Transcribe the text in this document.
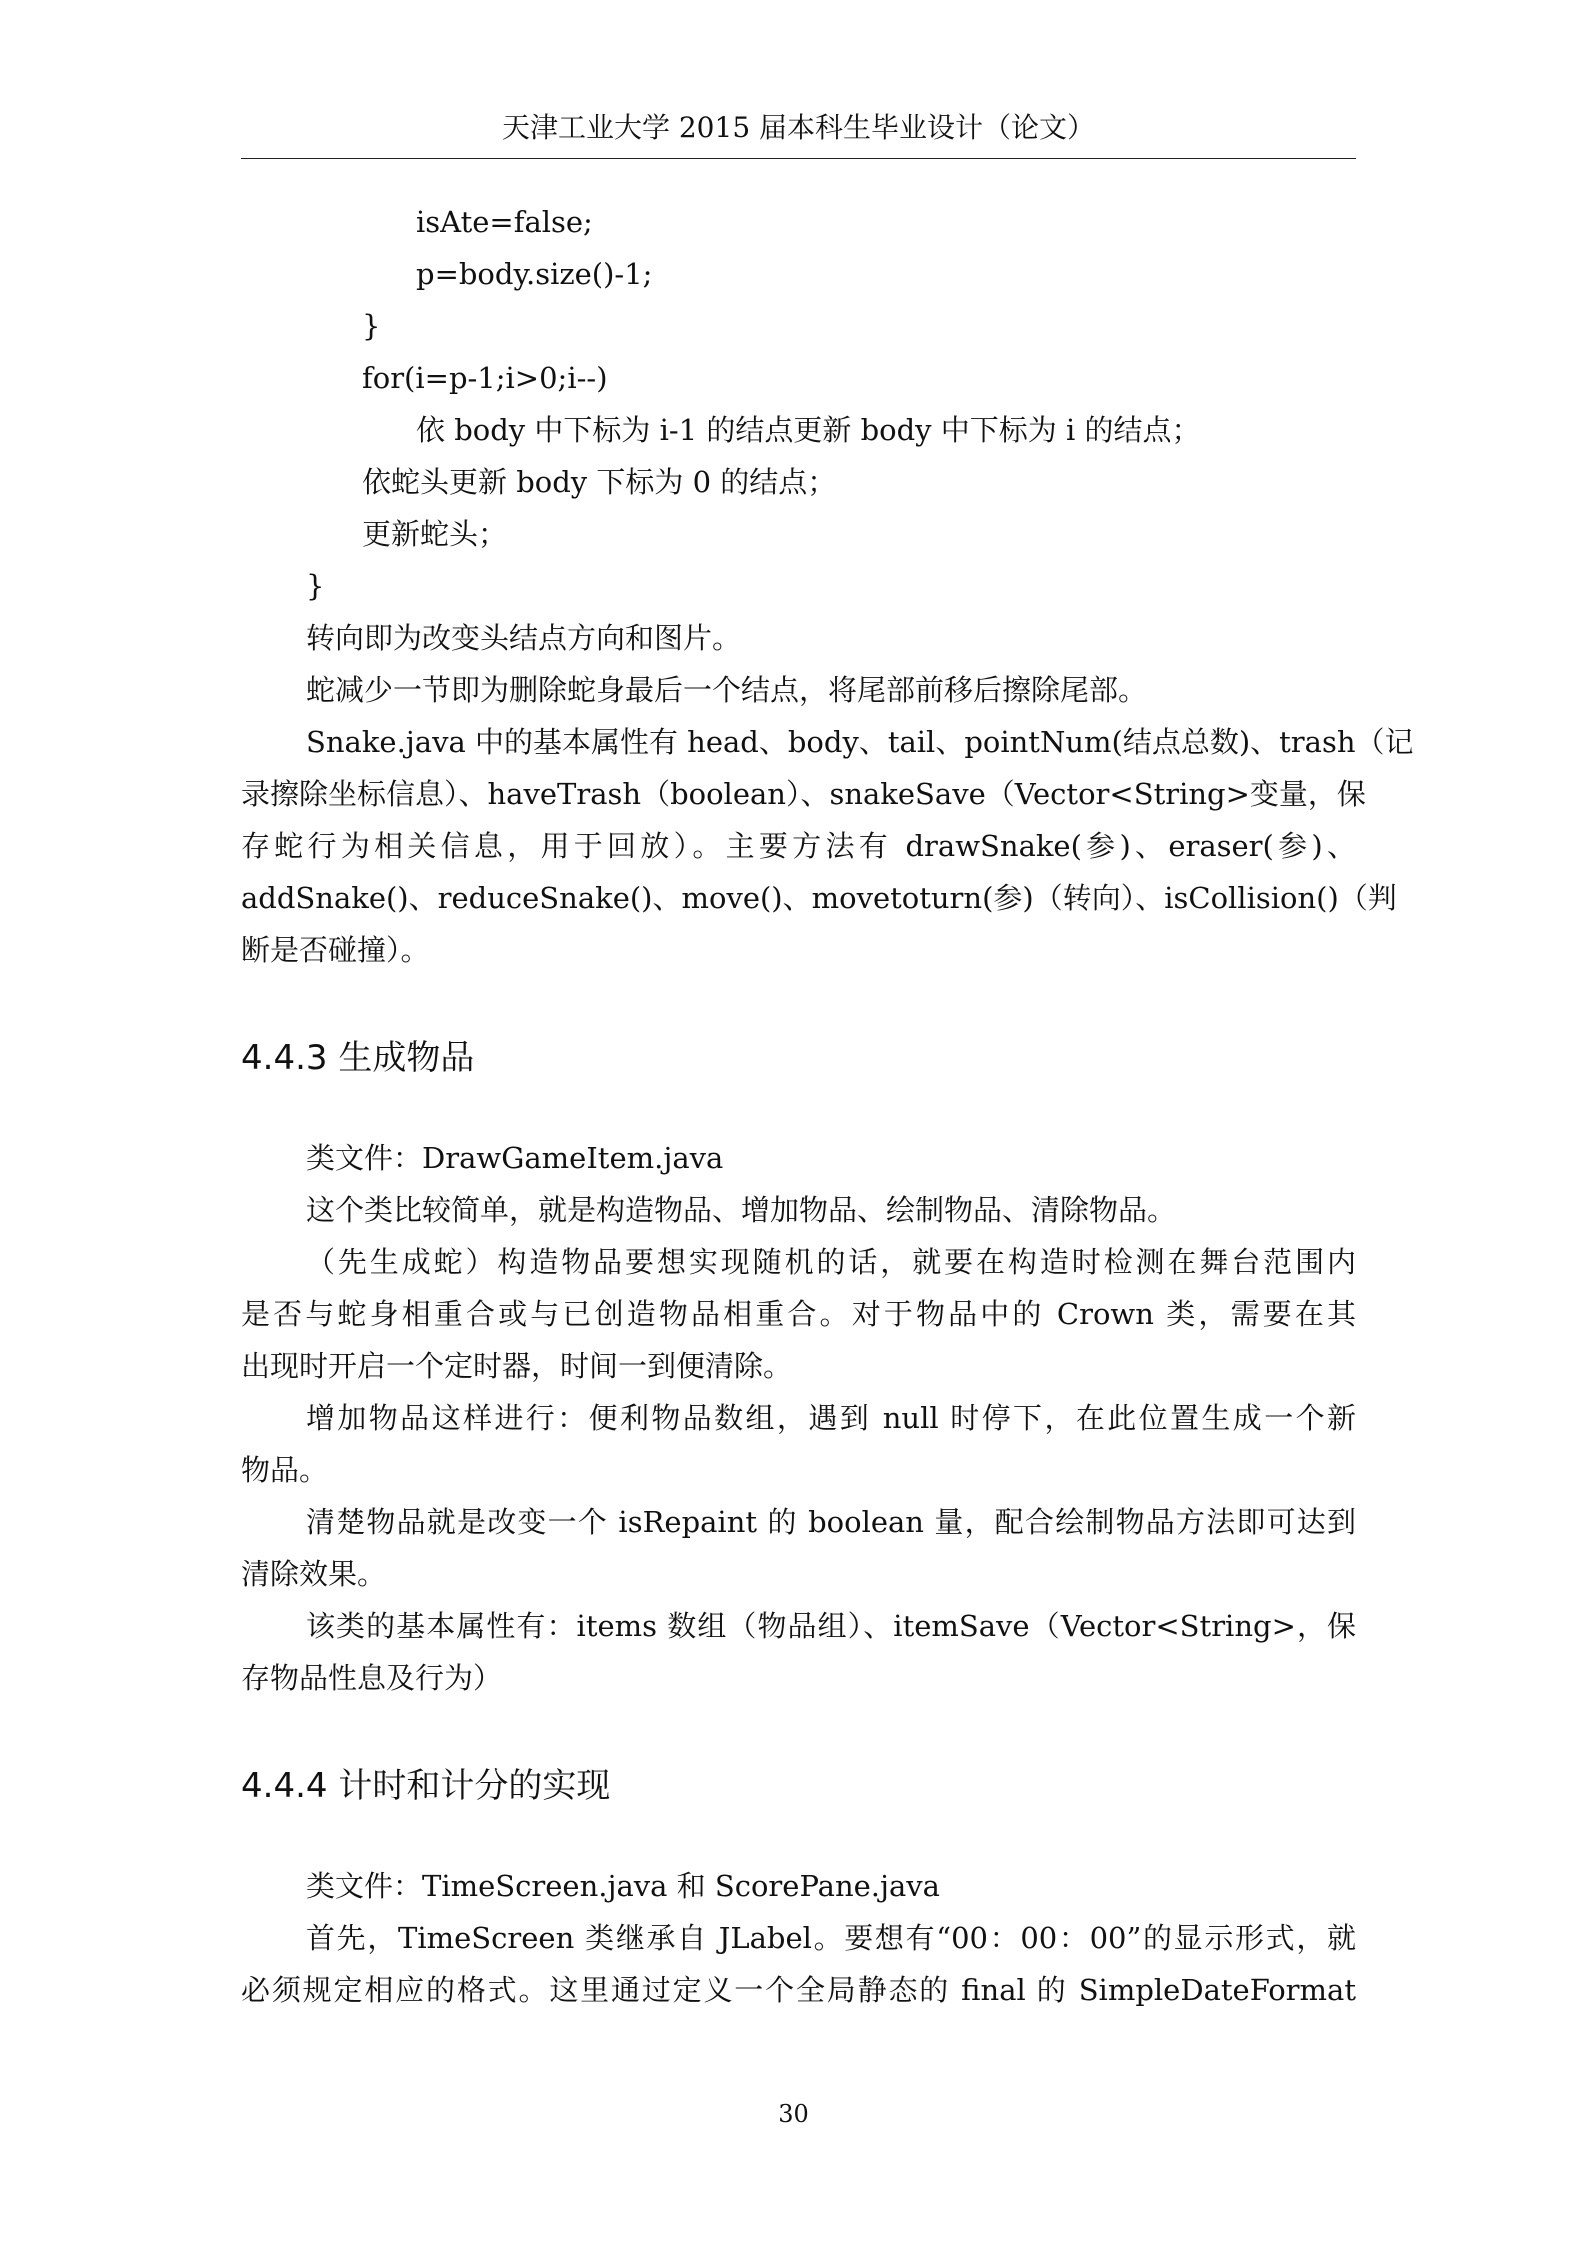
天津工业大学 2015 届本科生毕业设计（论文）
isAte=false;
p=body.size()-1;
}
for(i=p-1;i>0;i--)
依 body 中下标为 i-1 的结点更新 body 中下标为 i 的结点；
依蛇头更新 body 下标为 0 的结点；
更新蛇头；
}
转向即为改变头结点方向和图片。
蛇减少一节即为删除蛇身最后一个结点，将尾部前移后擦除尾部。
Snake.java 中的基本属性有 head、body、tail、pointNum(结点总数)、trash（记
录擦除坐标信息）、haveTrash（boolean）、snakeSave（Vector<String>变量，保
存蛇行为相关信息，用于回放）。主要方法有 drawSnake(参)、eraser(参)、
addSnake()、reduceSnake()、move()、movetoturn(参)（转向）、isCollision()（判
断是否碰撞）。
4.4.3 生成物品
类文件：DrawGameItem.java
这个类比较简单，就是构造物品、增加物品、绘制物品、清除物品。
（先生成蛇）构造物品要想实现随机的话，就要在构造时检测在舞台范围内
是否与蛇身相重合或与已创造物品相重合。对于物品中的 Crown 类，需要在其
出现时开启一个定时器，时间一到便清除。
增加物品这样进行：便利物品数组，遇到 null 时停下，在此位置生成一个新
物品。
清楚物品就是改变一个 isRepaint 的 boolean 量，配合绘制物品方法即可达到
清除效果。
该类的基本属性有：items 数组（物品组）、itemSave（Vector<String>，保
存物品性息及行为）
4.4.4 计时和计分的实现
类文件：TimeScreen.java 和 ScorePane.java
首先，TimeScreen 类继承自 JLabel。要想有“00：00：00”的显示形式，就
必须规定相应的格式。这里通过定义一个全局静态的 final 的 SimpleDateFormat
30
